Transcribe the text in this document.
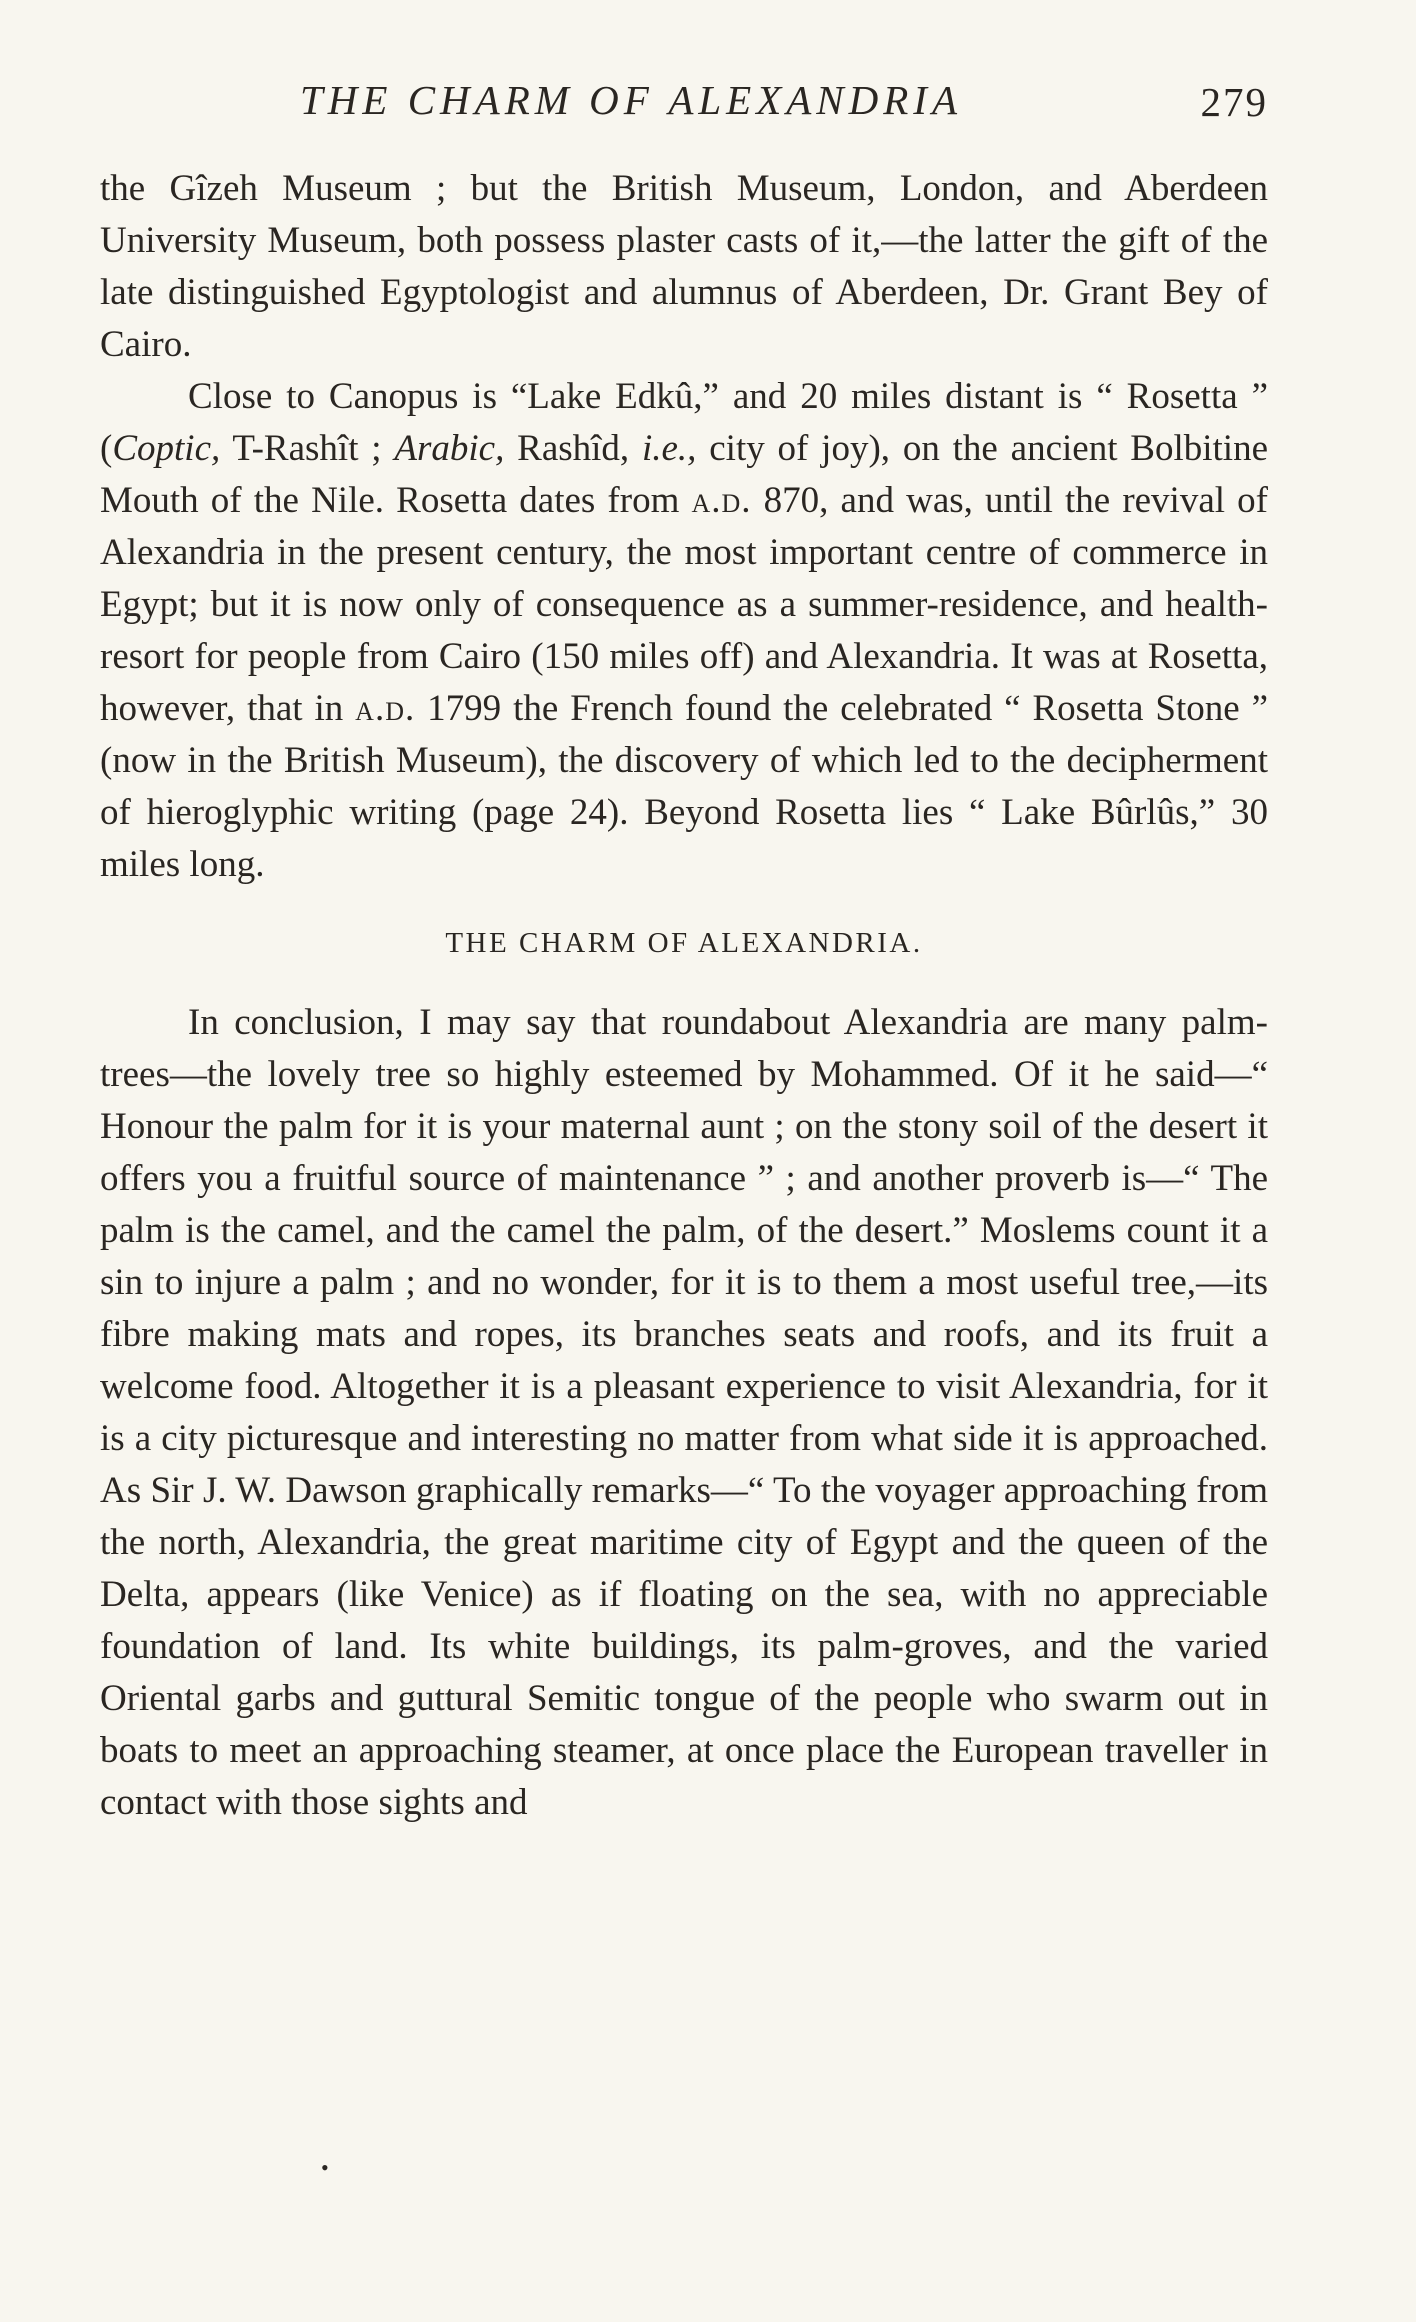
THE CHARM OF ALEXANDRIA	279

the Gîzeh Museum ; but the British Museum, London, and Aberdeen University Museum, both possess plaster casts of it,—the latter the gift of the late distinguished Egyptologist and alumnus of Aberdeen, Dr. Grant Bey of Cairo.

Close to Canopus is “Lake Edkû,” and 20 miles distant is “ Rosetta ” (Coptic, T-Rashît ; Arabic, Rashîd, i.e., city of joy), on the ancient Bolbitine Mouth of the Nile. Rosetta dates from a.d. 870, and was, until the revival of Alexandria in the present century, the most important centre of commerce in Egypt; but it is now only of consequence as a summer-residence, and health-resort for people from Cairo (150 miles off) and Alexandria. It was at Rosetta, however, that in a.d. 1799 the French found the celebrated “ Rosetta Stone ” (now in the British Museum), the discovery of which led to the decipherment of hieroglyphic writing (page 24). Beyond Rosetta lies “ Lake Bûrlûs,” 30 miles long.

THE CHARM OF ALEXANDRIA.

In conclusion, I may say that roundabout Alexandria are many palm-trees—the lovely tree so highly esteemed by Mohammed. Of it he said—“ Honour the palm for it is your maternal aunt ; on the stony soil of the desert it offers you a fruitful source of maintenance ” ; and another proverb is—“ The palm is the camel, and the camel the palm, of the desert.” Moslems count it a sin to injure a palm ; and no wonder, for it is to them a most useful tree,—its fibre making mats and ropes, its branches seats and roofs, and its fruit a welcome food. Altogether it is a pleasant experience to visit Alexandria, for it is a city picturesque and interesting no matter from what side it is approached. As Sir J. W. Dawson graphically remarks—“ To the voyager approaching from the north, Alexandria, the great maritime city of Egypt and the queen of the Delta, appears (like Venice) as if floating on the sea, with no appreciable foundation of land. Its white buildings, its palm-groves, and the varied Oriental garbs and guttural Semitic tongue of the people who swarm out in boats to meet an approaching steamer, at once place the European traveller in contact with those sights and

•
